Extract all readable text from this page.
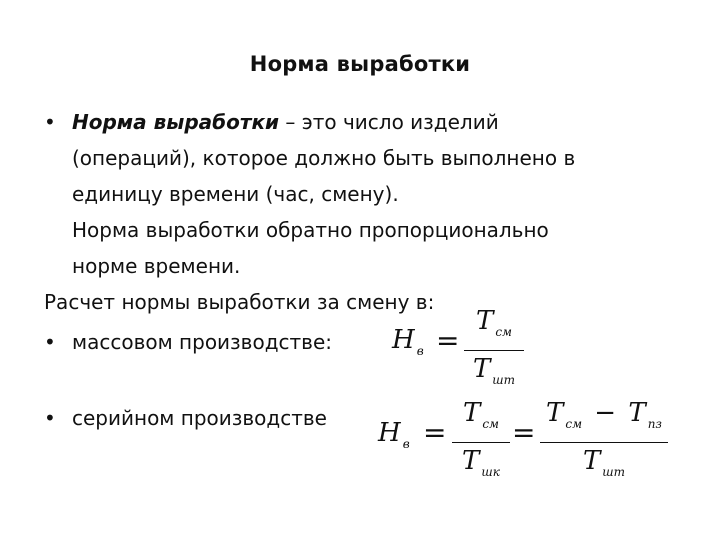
Норма выработки
• Норма выработки – это число изделий
(операций), которое должно быть выполнено в
единицу времени (час, смену).
Норма выработки обратно пропорционально
норме времени.
Расчет нормы выработки за смену в:
• массовом производстве: H $_в$ =
T $_{см}$
T $_{шт}$
• серийном производстве H $_в$ =
T $_{см}$
T $_{шк}$
=
T $_{см}$ − T $_{пз}$
T $_{шт}$
